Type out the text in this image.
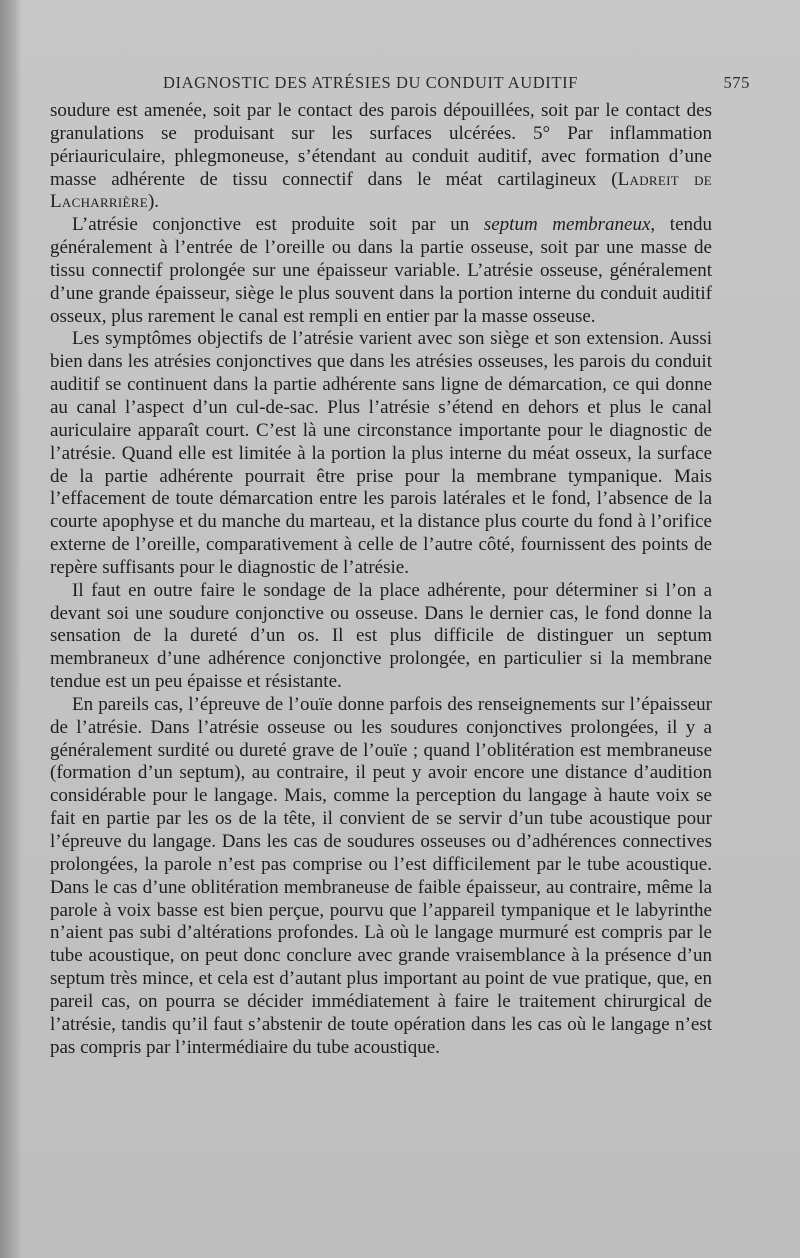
DIAGNOSTIC DES ATRÉSIES DU CONDUIT AUDITIF	575

soudure est amenée, soit par le contact des parois dépouillées, soit par le contact des granulations se produisant sur les surfaces ulcérées. 5° Par inflammation périauriculaire, phlegmoneuse, s’étendant au conduit auditif, avec formation d’une masse adhérente de tissu connectif dans le méat cartilagineux (Ladreit de Lacharrière).

L’atrésie conjonctive est produite soit par un septum membraneux, tendu généralement à l’entrée de l’oreille ou dans la partie osseuse, soit par une masse de tissu connectif prolongée sur une épaisseur variable. L’atrésie osseuse, généralement d’une grande épaisseur, siège le plus souvent dans la portion interne du conduit auditif osseux, plus rarement le canal est rempli en entier par la masse osseuse.

Les symptômes objectifs de l’atrésie varient avec son siège et son extension. Aussi bien dans les atrésies conjonctives que dans les atrésies osseuses, les parois du conduit auditif se continuent dans la partie adhérente sans ligne de démarcation, ce qui donne au canal l’aspect d’un cul-de-sac. Plus l’atrésie s’étend en dehors et plus le canal auriculaire apparaît court. C’est là une circonstance importante pour le diagnostic de l’atrésie. Quand elle est limitée à la portion la plus interne du méat osseux, la surface de la partie adhérente pourrait être prise pour la membrane tympanique. Mais l’effacement de toute démarcation entre les parois latérales et le fond, l’absence de la courte apophyse et du manche du marteau, et la distance plus courte du fond à l’orifice externe de l’oreille, comparativement à celle de l’autre côté, fournissent des points de repère suffisants pour le diagnostic de l’atrésie.

Il faut en outre faire le sondage de la place adhérente, pour déterminer si l’on a devant soi une soudure conjonctive ou osseuse. Dans le dernier cas, le fond donne la sensation de la dureté d’un os. Il est plus difficile de distinguer un septum membraneux d’une adhérence conjonctive prolongée, en particulier si la membrane tendue est un peu épaisse et résistante.

En pareils cas, l’épreuve de l’ouïe donne parfois des renseignements sur l’épaisseur de l’atrésie. Dans l’atrésie osseuse ou les soudures conjonctives prolongées, il y a généralement surdité ou dureté grave de l’ouïe ; quand l’oblitération est membraneuse (formation d’un septum), au contraire, il peut y avoir encore une distance d’audition considérable pour le langage. Mais, comme la perception du langage à haute voix se fait en partie par les os de la tête, il convient de se servir d’un tube acoustique pour l’épreuve du langage. Dans les cas de soudures osseuses ou d’adhérences connectives prolongées, la parole n’est pas comprise ou l’est difficilement par le tube acoustique. Dans le cas d’une oblitération membraneuse de faible épaisseur, au contraire, même la parole à voix basse est bien perçue, pourvu que l’appareil tympanique et le labyrinthe n’aient pas subi d’altérations profondes. Là où le langage murmuré est compris par le tube acoustique, on peut donc conclure avec grande vraisemblance à la présence d’un septum très mince, et cela est d’autant plus important au point de vue pratique, que, en pareil cas, on pourra se décider immédiatement à faire le traitement chirurgical de l’atrésie, tandis qu’il faut s’abstenir de toute opération dans les cas où le langage n’est pas compris par l’intermédiaire du tube acoustique.
